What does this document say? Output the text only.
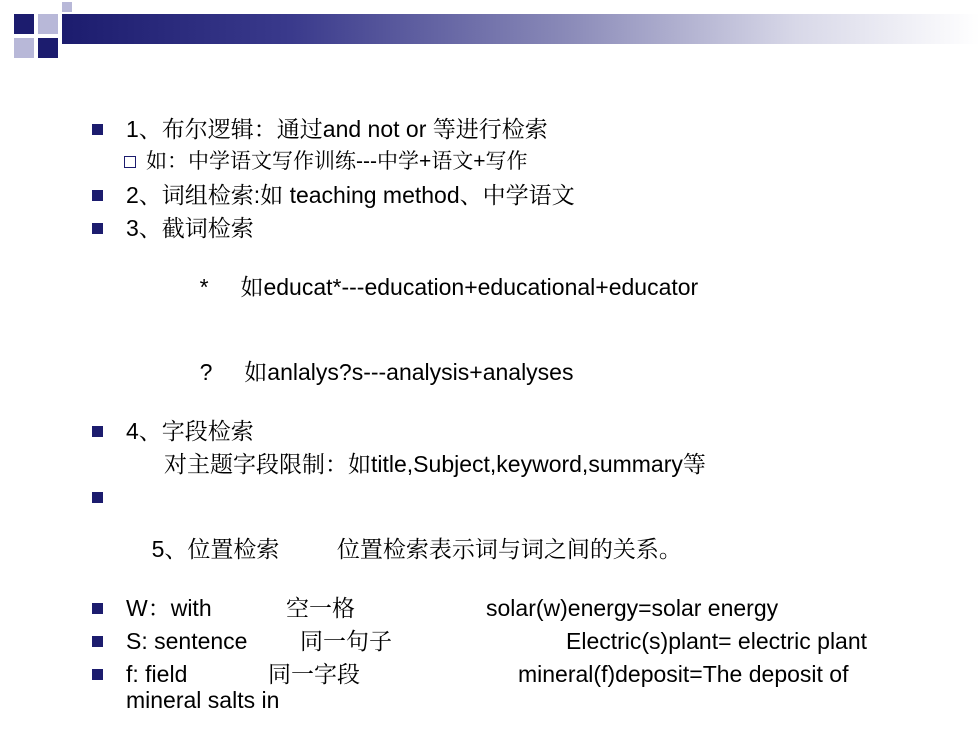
1、布尔逻辑：通过and not or 等进行检索

如：中学语文写作训练---中学+语文+写作

2、词组检索:如 teaching method、中学语文

3、截词检索

*     如educat*---education+educational+educator

?     如anlalys?s---analysis+analyses

4、字段检索

对主题字段限制：如title,Subject,keyword,summary等

5、位置检索         位置检索表示词与词之间的关系。

W：with	空一格	solar(w)energy=solar energy

S: sentence 同一句子	Electric(s)plant= electric plant

f: field	同一字段	mineral(f)deposit=The deposit of

mineral salts in
